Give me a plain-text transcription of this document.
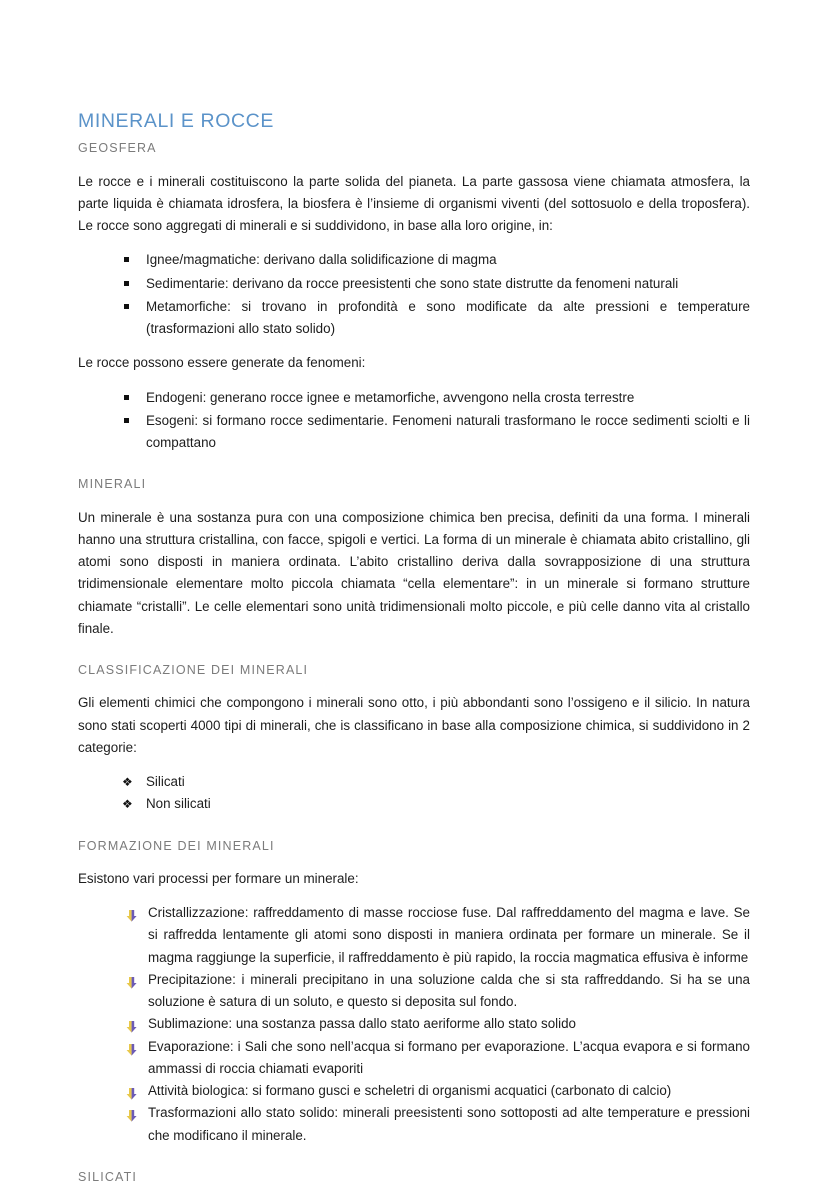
MINERALI E ROCCE
GEOSFERA

Le rocce e i minerali costituiscono la parte solida del pianeta. La parte gassosa viene chiamata atmosfera, la parte liquida è chiamata idrosfera, la biosfera è l’insieme di organismi viventi (del sottosuolo e della troposfera). Le rocce sono aggregati di minerali e si suddividono, in base alla loro origine, in:

Ignee/magmatiche: derivano dalla solidificazione di magma
Sedimentarie: derivano da rocce preesistenti che sono state distrutte da fenomeni naturali
Metamorfiche: si trovano in profondità e sono modificate da alte pressioni e temperature (trasformazioni allo stato solido)

Le rocce possono essere generate da fenomeni:

Endogeni: generano rocce ignee e metamorfiche, avvengono nella crosta terrestre
Esogeni: si formano rocce sedimentarie. Fenomeni naturali trasformano le rocce sedimenti sciolti e li compattano
MINERALI

Un minerale è una sostanza pura con una composizione chimica ben precisa, definiti da una forma. I minerali hanno una struttura cristallina, con facce, spigoli e vertici. La forma di un minerale è chiamata abito cristallino, gli atomi sono disposti in maniera ordinata. L’abito cristallino deriva dalla sovrapposizione di una struttura tridimensionale elementare molto piccola chiamata “cella elementare”: in un minerale si formano strutture chiamate “cristalli”. Le celle elementari sono unità tridimensionali molto piccole, e più celle danno vita al cristallo finale.

CLASSIFICAZIONE DEI MINERALI

Gli elementi chimici che compongono i minerali sono otto, i più abbondanti sono l’ossigeno e il silicio. In natura sono stati scoperti 4000 tipi di minerali, che is classificano in base alla composizione chimica, si suddividono in 2 categorie:

❖ Silicati
❖ Non silicati
FORMAZIONE DEI MINERALI

Esistono vari processi per formare un minerale:

Cristallizzazione: raffreddamento di masse rocciose fuse. Dal raffreddamento del magma e lave. Se si raffredda lentamente gli atomi sono disposti in maniera ordinata per formare un minerale. Se il magma raggiunge la superficie, il raffreddamento è più rapido, la roccia magmatica effusiva è informe
Precipitazione: i minerali precipitano in una soluzione calda che si sta raffreddando. Si ha se una soluzione è satura di un soluto, e questo si deposita sul fondo.
Sublimazione: una sostanza passa dallo stato aeriforme allo stato solido
Evaporazione: i Sali che sono nell’acqua si formano per evaporazione. L’acqua evapora e si formano ammassi di roccia chiamati evaporiti
Attività biologica: si formano gusci e scheletri di organismi acquatici (carbonato di calcio)
Trasformazioni allo stato solido: minerali preesistenti sono sottoposti ad alte temperature e pressioni che modificano il minerale.
SILICATI
